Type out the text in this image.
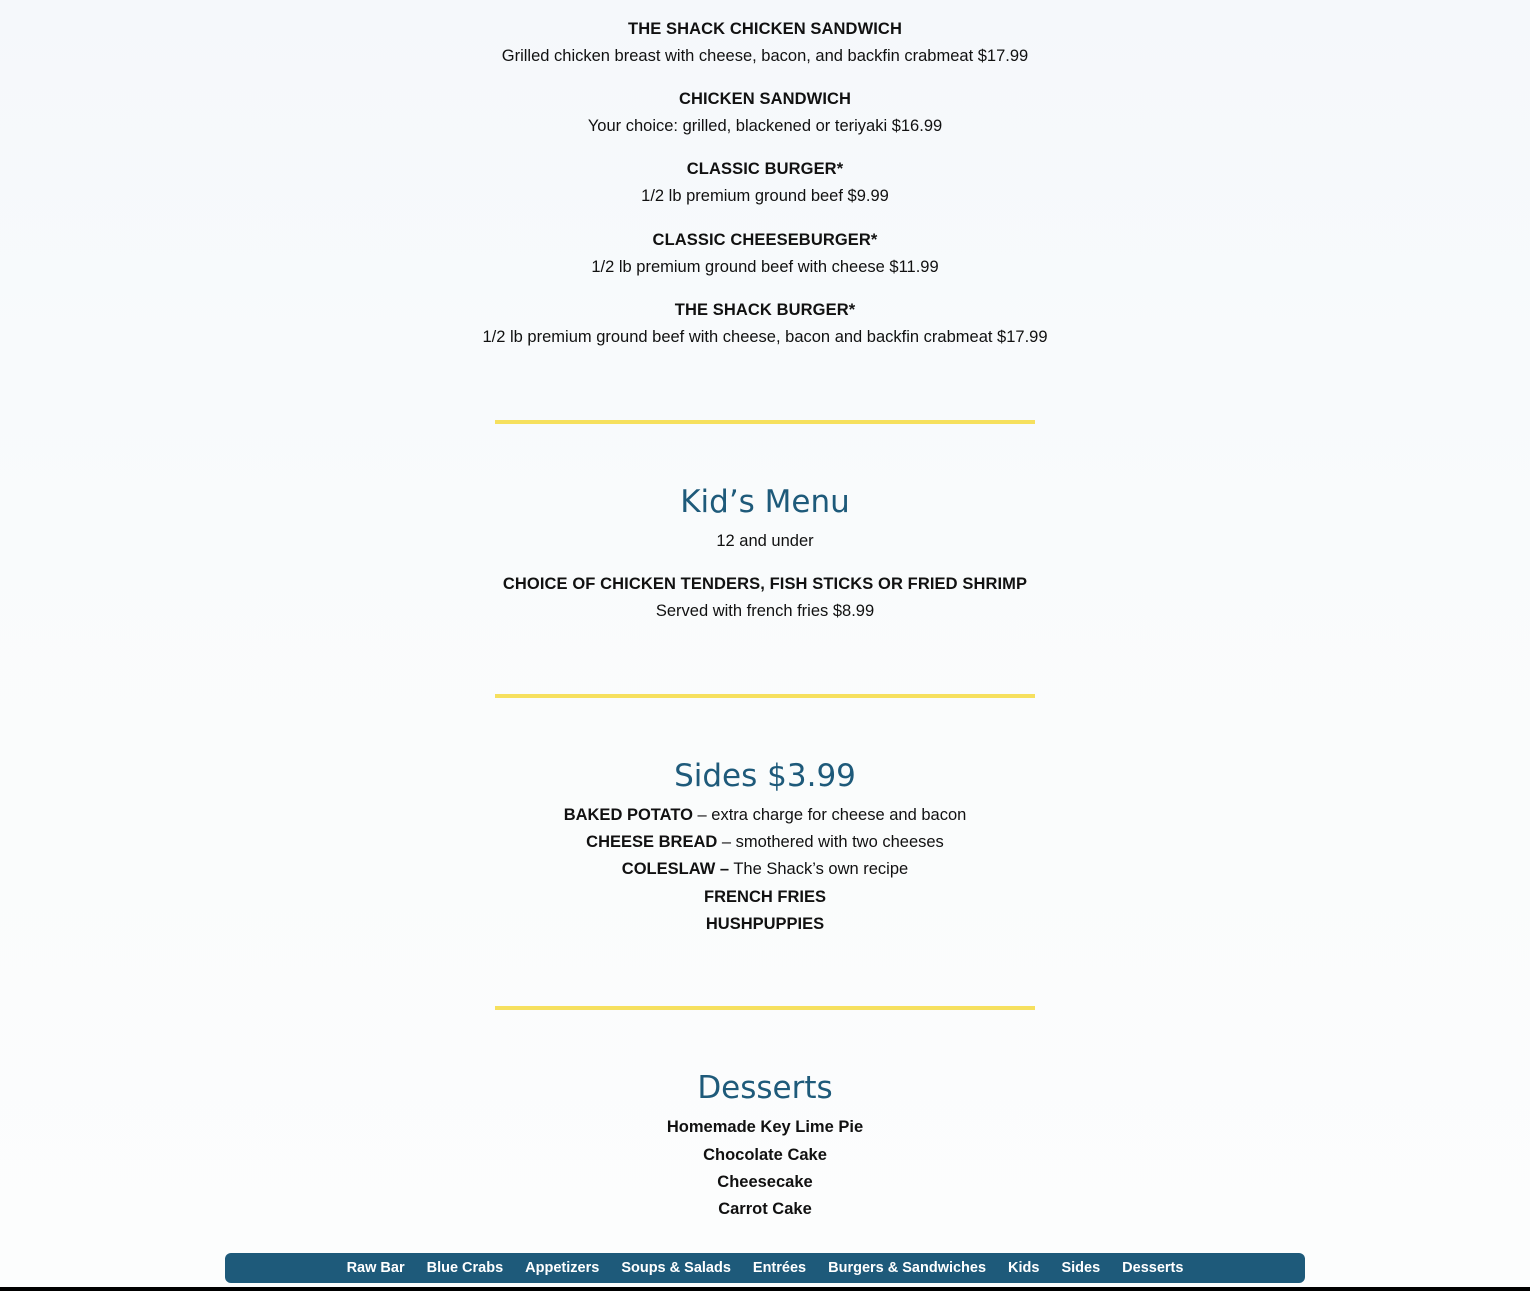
THE SHACK CHICKEN SANDWICH
Grilled chicken breast with cheese, bacon, and backfin crabmeat $17.99
CHICKEN SANDWICH
Your choice: grilled, blackened or teriyaki $16.99
CLASSIC BURGER*
1/2 lb premium ground beef $9.99
CLASSIC CHEESEBURGER*
1/2 lb premium ground beef with cheese $11.99
THE SHACK BURGER*
1/2 lb premium ground beef with cheese, bacon and backfin crabmeat $17.99
Kid’s Menu
12 and under
CHOICE OF CHICKEN TENDERS, FISH STICKS OR FRIED SHRIMP
Served with french fries $8.99
Sides $3.99
BAKED POTATO – extra charge for cheese and bacon
CHEESE BREAD – smothered with two cheeses
COLESLAW – The Shack’s own recipe
FRENCH FRIES
HUSHPUPPIES
Desserts
Homemade Key Lime Pie
Chocolate Cake
Cheesecake
Carrot Cake
Raw Bar Blue Crabs Appetizers Soups & Salads Entrées Burgers & Sandwiches Kids Sides Desserts
